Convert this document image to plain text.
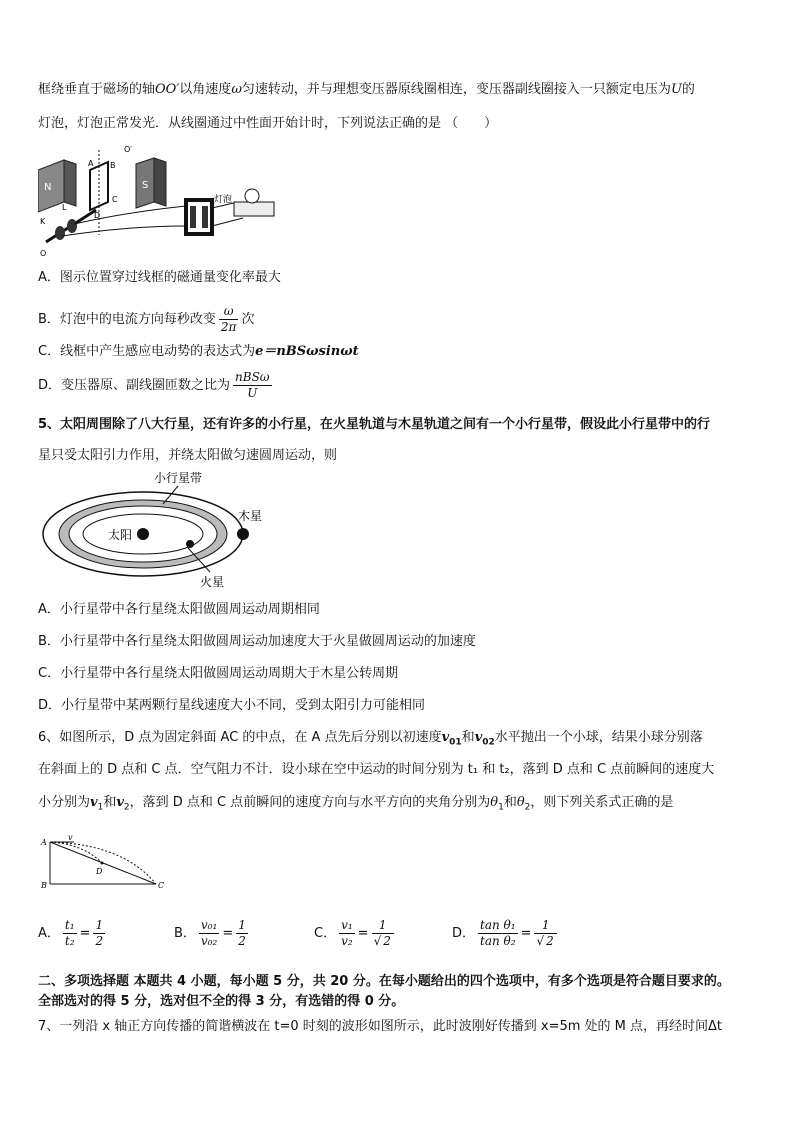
框绕垂直于磁场的轴OO′以角速度ω匀速转动，并与理想变压器原线圈相连，变压器副线圈接入一只额定电压为U的
灯泡，灯泡正常发光．从线圈通过中性面开始计时，下列说法正确的是 （　　）
N	S
A B
C
D
O′
K
L
O
灯泡
A．图示位置穿过线框的磁通量变化率最大
B．灯泡中的电流方向每秒改变 $\frac{\omega}{2\pi}$ 次
C．线框中产生感应电动势的表达式为e＝nBSωsinωt
D．变压器原、副线圈匝数之比为 $\frac{\text{nBSω}}{U}$
5、太阳周围除了八大行星，还有许多的小行星，在火星轨道与木星轨道之间有一个小行星带，假设此小行星带中的行
星只受太阳引力作用，并绕太阳做匀速圆周运动，则
太阳
火星
木星
小行星带
A．小行星带中各行星绕太阳做圆周运动周期相同
B．小行星带中各行星绕太阳做圆周运动加速度大于火星做圆周运动的加速度
C．小行星带中各行星绕太阳做圆周运动周期大于木星公转周期
D．小行星带中某两颗行星线速度大小不同，受到太阳引力可能相同
6、如图所示，D 点为固定斜面 AC 的中点，在 A 点先后分别以初速度$v_{01}$和$v_{02}$水平抛出一个小球，结果小球分别落
在斜面上的 D 点和 C 点．空气阻力不计．设小球在空中运动的时间分别为 t₁ 和 t₂，落到 D 点和 C 点前瞬间的速度大
小分别为$v_1$和$v_2$，落到 D 点和 C 点前瞬间的速度方向与水平方向的夹角分别为$\theta_1$和$\theta_2$，则下列关系式正确的是
A
B	C
D
v
A． $\frac{\text{t₁}}{\text{t₂}} = \frac{1}{2}$	B． $\frac{\text{v₀₁}}{\text{v₀₂}} = \frac{1}{2}$	C． $\frac{\text{v₁}}{\text{v₂}} = \frac{1}{√ 2}$	D． $\frac{\text{tan θ₁}}{\text{tan θ₂}} = \frac{1}{√ 2}$
二、多项选择题 本题共 4 小题，每小题 5 分，共 20 分。在每小题给出的四个选项中，有多个选项是符合题目要求的。
全部选对的得 5 分，选对但不全的得 3 分，有选错的得 0 分。
7、一列沿 x 轴正方向传播的简谐横波在 t=0 时刻的波形如图所示，此时波刚好传播到 x=5m 处的 M 点，再经时间Δt
